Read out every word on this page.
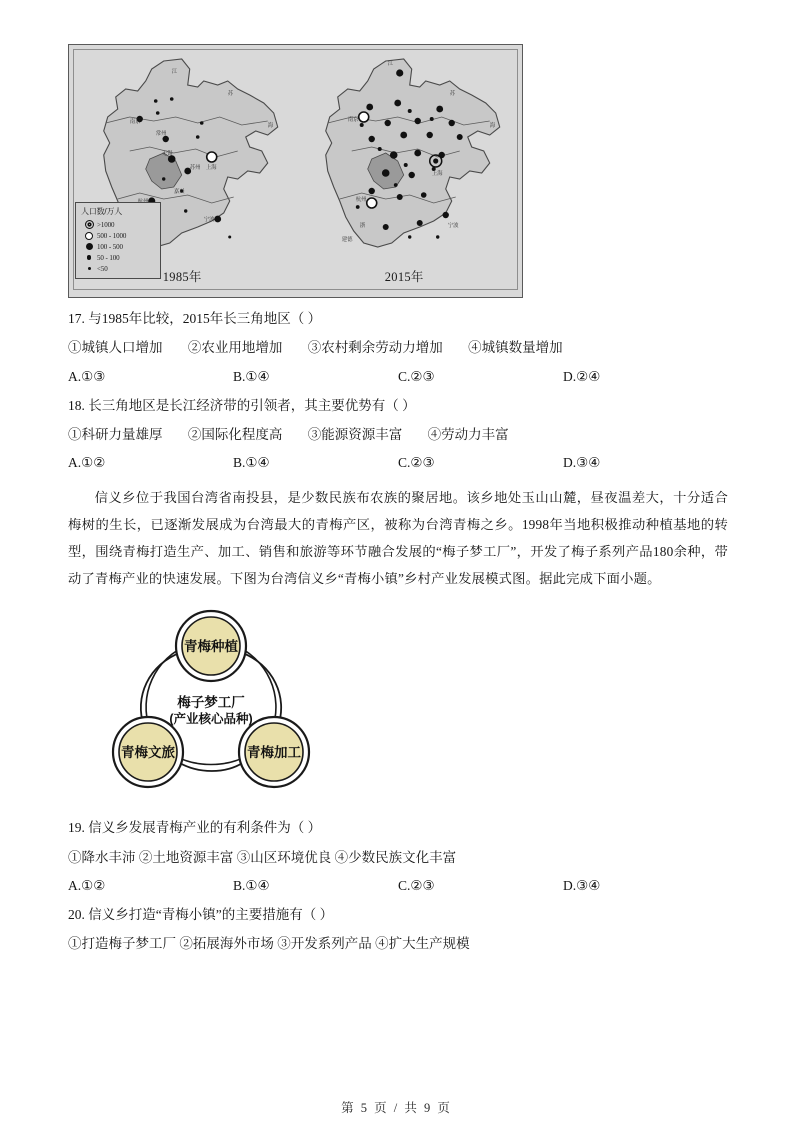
江
苏
海
南京
常州
无锡
苏州 上海
宁波
嘉兴
1985年
江
苏
海
南京
上海
杭州
宁波
浙
建德
2015年
人口数/万人
>1000
500 - 1000
100 - 500
50 - 100
<50
17. 与1985年比较，2015年长三角地区（ ）
①城镇人口增加 ②农业用地增加 ③农村剩余劳动力增加 ④城镇数量增加
A.①③	B.①④	C.②③	D.②④
18. 长三角地区是长江经济带的引领者，其主要优势有（ ）
①科研力量雄厚 ②国际化程度高 ③能源资源丰富 ④劳动力丰富
A.①②	B.①④	C.②③	D.③④
信义乡位于我国台湾省南投县，是少数民族布农族的聚居地。该乡地处玉山山麓，昼夜温差大，十分适合梅树的生长，已逐渐发展成为台湾最大的青梅产区，被称为台湾青梅之乡。1998年当地积极推动种植基地的转型，围绕青梅打造生产、加工、销售和旅游等环节融合发展的“梅子梦工厂”，开发了梅子系列产品180余种，带动了青梅产业的快速发展。下图为台湾信义乡“青梅小镇”乡村产业发展模式图。据此完成下面小题。
青梅种植
青梅文旅	青梅加工
梅子梦工厂
(产业核心品种)
19. 信义乡发展青梅产业的有利条件为（ ）
①降水丰沛 ②土地资源丰富 ③山区环境优良 ④少数民族文化丰富
A.①②	B.①④	C.②③	D.③④
20. 信义乡打造“青梅小镇”的主要措施有（ ）
①打造梅子梦工厂 ②拓展海外市场 ③开发系列产品 ④扩大生产规模
第 5 页 / 共 9 页
